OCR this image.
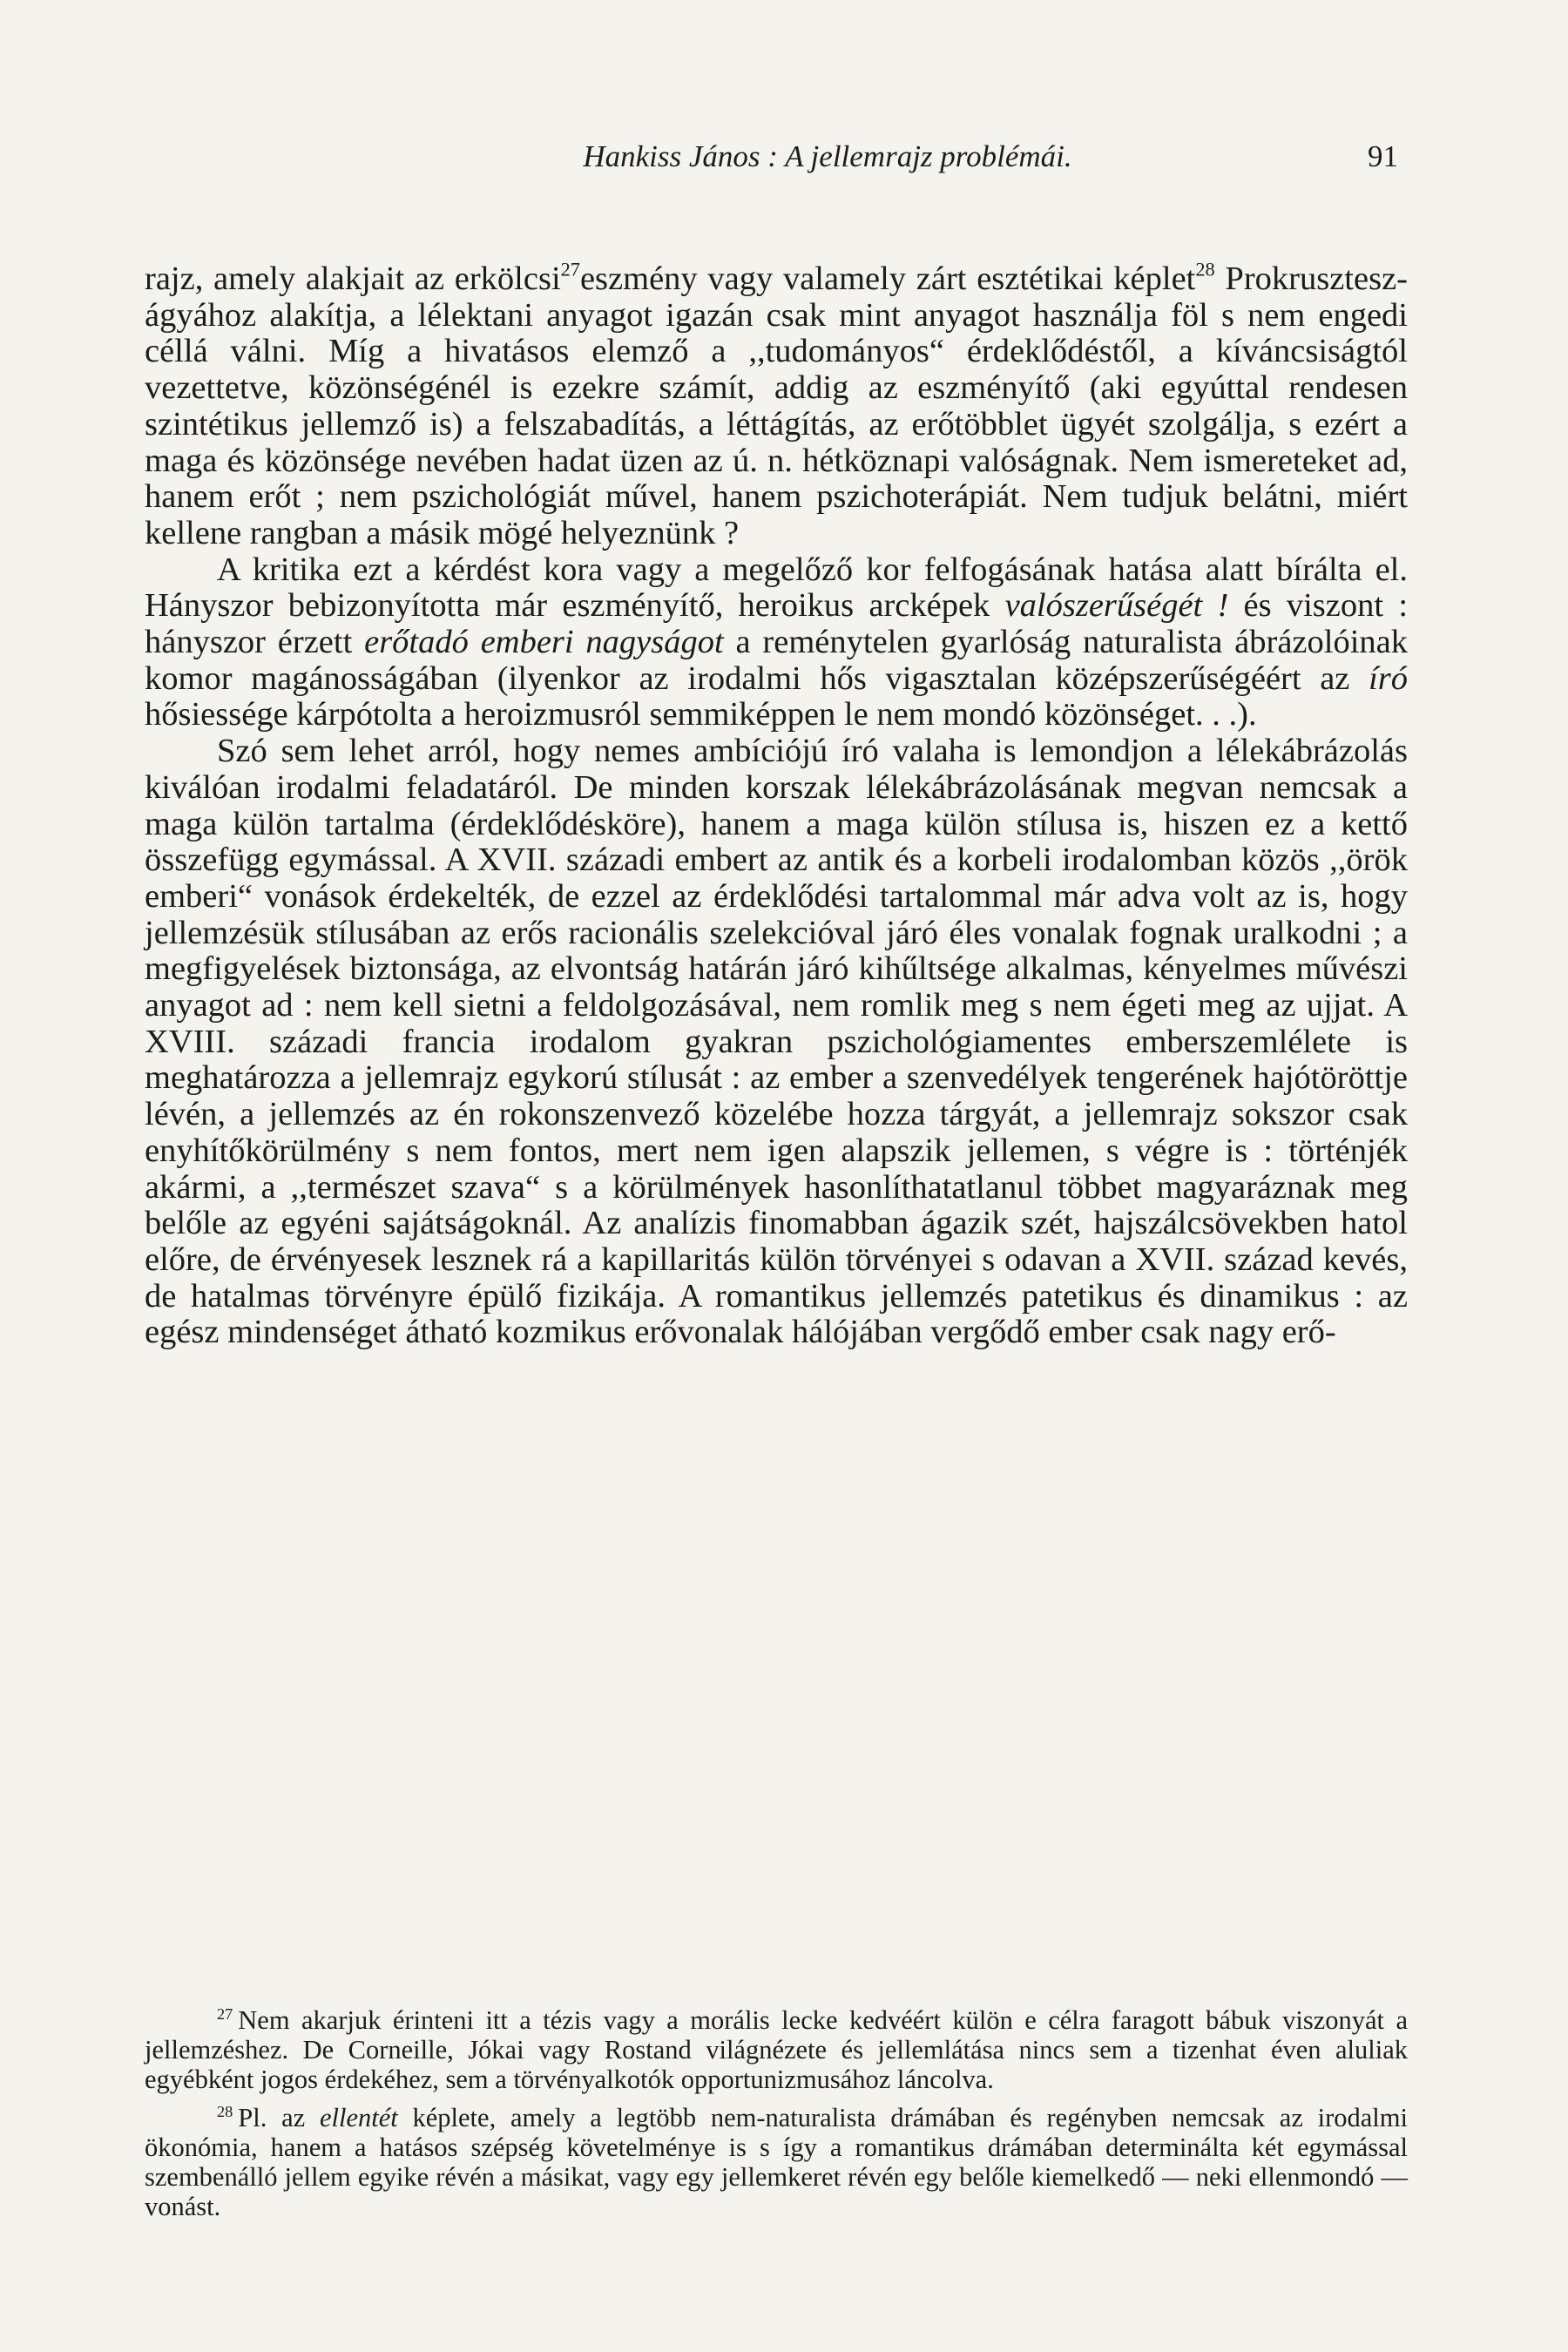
Hankiss János : A jellemrajz problémái.	91

rajz, amely alakjait az erkölcsi$^{27}$eszmény vagy valamely zárt esztétikai képlet$^{28}$ Prokrusztesz-ágyához alakítja, a lélektani anyagot igazán csak mint anyagot használja föl s nem engedi céllá válni. Míg a hivatásos elemző a ,,tudományos“ érdeklődéstől, a kíváncsiságtól vezettetve, közönségénél is ezekre számít, addig az eszményítő (aki egyúttal rendesen szintétikus jellemző is) a felszabadítás, a léttágítás, az erőtöbblet ügyét szolgálja, s ezért a maga és közönsége nevében hadat üzen az ú. n. hétköznapi valóságnak. Nem ismereteket ad, hanem erőt ; nem pszichológiát művel, hanem pszichoterápiát. Nem tudjuk belátni, miért kellene rangban a másik mögé helyeznünk ?

A kritika ezt a kérdést kora vagy a megelőző kor felfogásának hatása alatt bírálta el. Hányszor bebizonyította már eszményítő, heroikus arcképek valószerűségét ! és viszont : hányszor érzett erőtadó emberi nagyságot a reménytelen gyarlóság naturalista ábrázolóinak komor magánosságában (ilyenkor az irodalmi hős vigasztalan középszerűségéért az író hősiessége kárpótolta a heroizmusról semmiképpen le nem mondó közönséget. . .).

Szó sem lehet arról, hogy nemes ambíciójú író valaha is lemondjon a lélekábrázolás kiválóan irodalmi feladatáról. De minden korszak lélekábrázolásának megvan nemcsak a maga külön tartalma (érdeklődésköre), hanem a maga külön stílusa is, hiszen ez a kettő összefügg egymással. A XVII. századi embert az antik és a korbeli irodalomban közös ,,örök emberi“ vonások érdekelték, de ezzel az érdeklődési tartalommal már adva volt az is, hogy jellemzésük stílusában az erős racionális szelekcióval járó éles vonalak fognak uralkodni ; a megfigyelések biztonsága, az elvontság határán járó kihűltsége alkalmas, kényelmes művészi anyagot ad : nem kell sietni a feldolgozásával, nem romlik meg s nem égeti meg az ujjat. A XVIII. századi francia irodalom gyakran pszichológiamentes emberszemlélete is meghatározza a jellemrajz egykorú stílusát : az ember a szenvedélyek tengerének hajótöröttje lévén, a jellemzés az én rokonszenvező közelébe hozza tárgyát, a jellemrajz sokszor csak enyhítőkörülmény s nem fontos, mert nem igen alapszik jellemen, s végre is : történjék akármi, a ,,természet szava“ s a körülmények hasonlíthatatlanul többet magyaráznak meg belőle az egyéni sajátságoknál. Az analízis finomabban ágazik szét, hajszálcsövekben hatol előre, de érvényesek lesznek rá a kapillaritás külön törvényei s odavan a XVII. század kevés, de hatalmas törvényre épülő fizikája. A romantikus jellemzés patetikus és dinamikus : az egész mindenséget átható kozmikus erővonalak hálójában vergődő ember csak nagy erő-

$^{27}$ Nem akarjuk érinteni itt a tézis vagy a morális lecke kedvéért külön e célra faragott bábuk viszonyát a jellemzéshez. De Corneille, Jókai vagy Rostand világnézete és jellemlátása nincs sem a tizenhat éven aluliak egyébként jogos érdekéhez, sem a törvényalkotók opportunizmusához láncolva.

$^{28}$ Pl. az ellentét képlete, amely a legtöbb nem-naturalista drámában és regényben nemcsak az irodalmi ökonómia, hanem a hatásos szépség követelménye is s így a romantikus drámában determinálta két egymással szembenálló jellem egyike révén a másikat, vagy egy jellemkeret révén egy belőle kiemelkedő — neki ellenmondó — vonást.
